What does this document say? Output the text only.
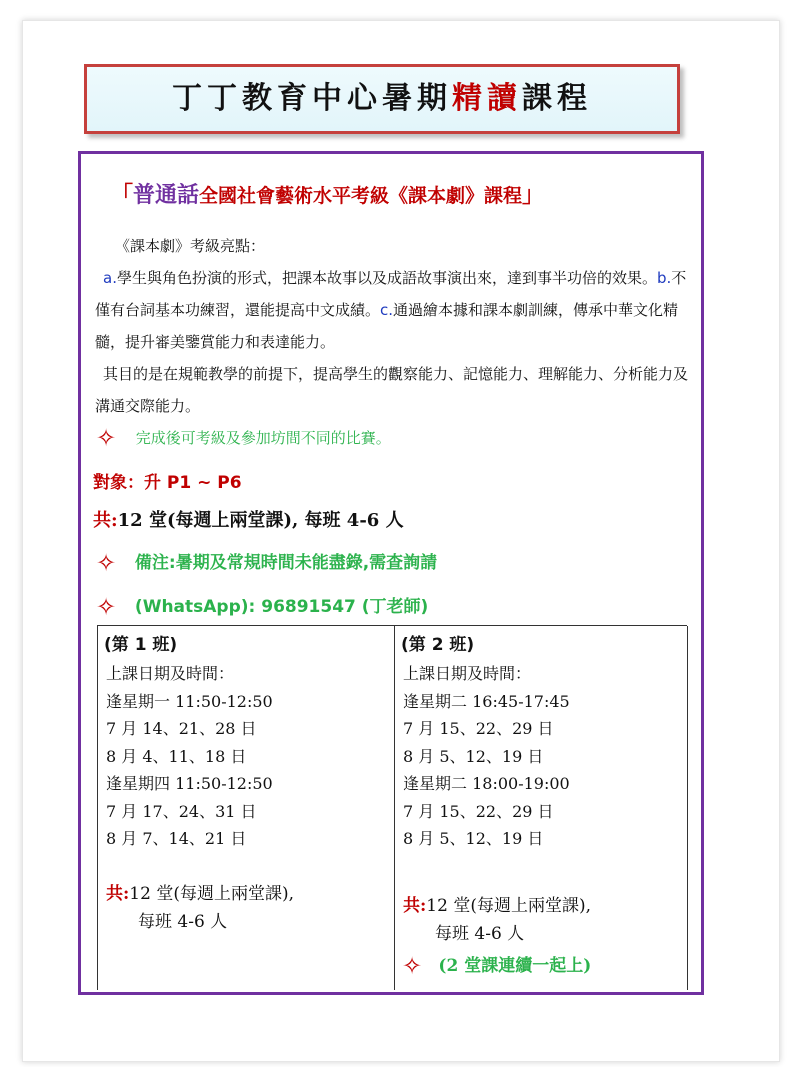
丁丁教育中心暑期精讀課程
「普通話全國社會藝術水平考級《課本劇》課程」
《課本劇》考級亮點：
a.學生與角色扮演的形式，把課本故事以及成語故事演出來，達到事半功倍的效果。b.不僅有台詞基本功練習，還能提高中文成績。c.通過繪本據和課本劇訓練，傳承中華文化精髓，提升審美鑒賞能力和表達能力。
其目的是在規範教學的前提下，提高學生的觀察能力、記憶能力、理解能力、分析能力及溝通交際能力。
✧ 完成後可考級及參加坊間不同的比賽。
對象：升 P1 ~ P6
共:12 堂(每週上兩堂課), 每班 4-6 人
✧ 備注:暑期及常規時間未能盡錄,需查詢請
✧ (WhatsApp): 96891547 (丁老師)
(第 1 班)
上課日期及時間：
逢星期一 11:50-12:50
7 月 14、21、28 日
8 月 4、11、18 日
逢星期四 11:50-12:50
7 月 17、24、31 日
8 月 7、14、21 日
共:12 堂(每週上兩堂課),
每班 4-6 人
(第 2 班)
上課日期及時間：
逢星期二 16:45-17:45
7 月 15、22、29 日
8 月 5、12、19 日
逢星期二 18:00-19:00
7 月 15、22、29 日
8 月 5、12、19 日
共:12 堂(每週上兩堂課),
每班 4-6 人
✧ (2 堂課連續一起上)
